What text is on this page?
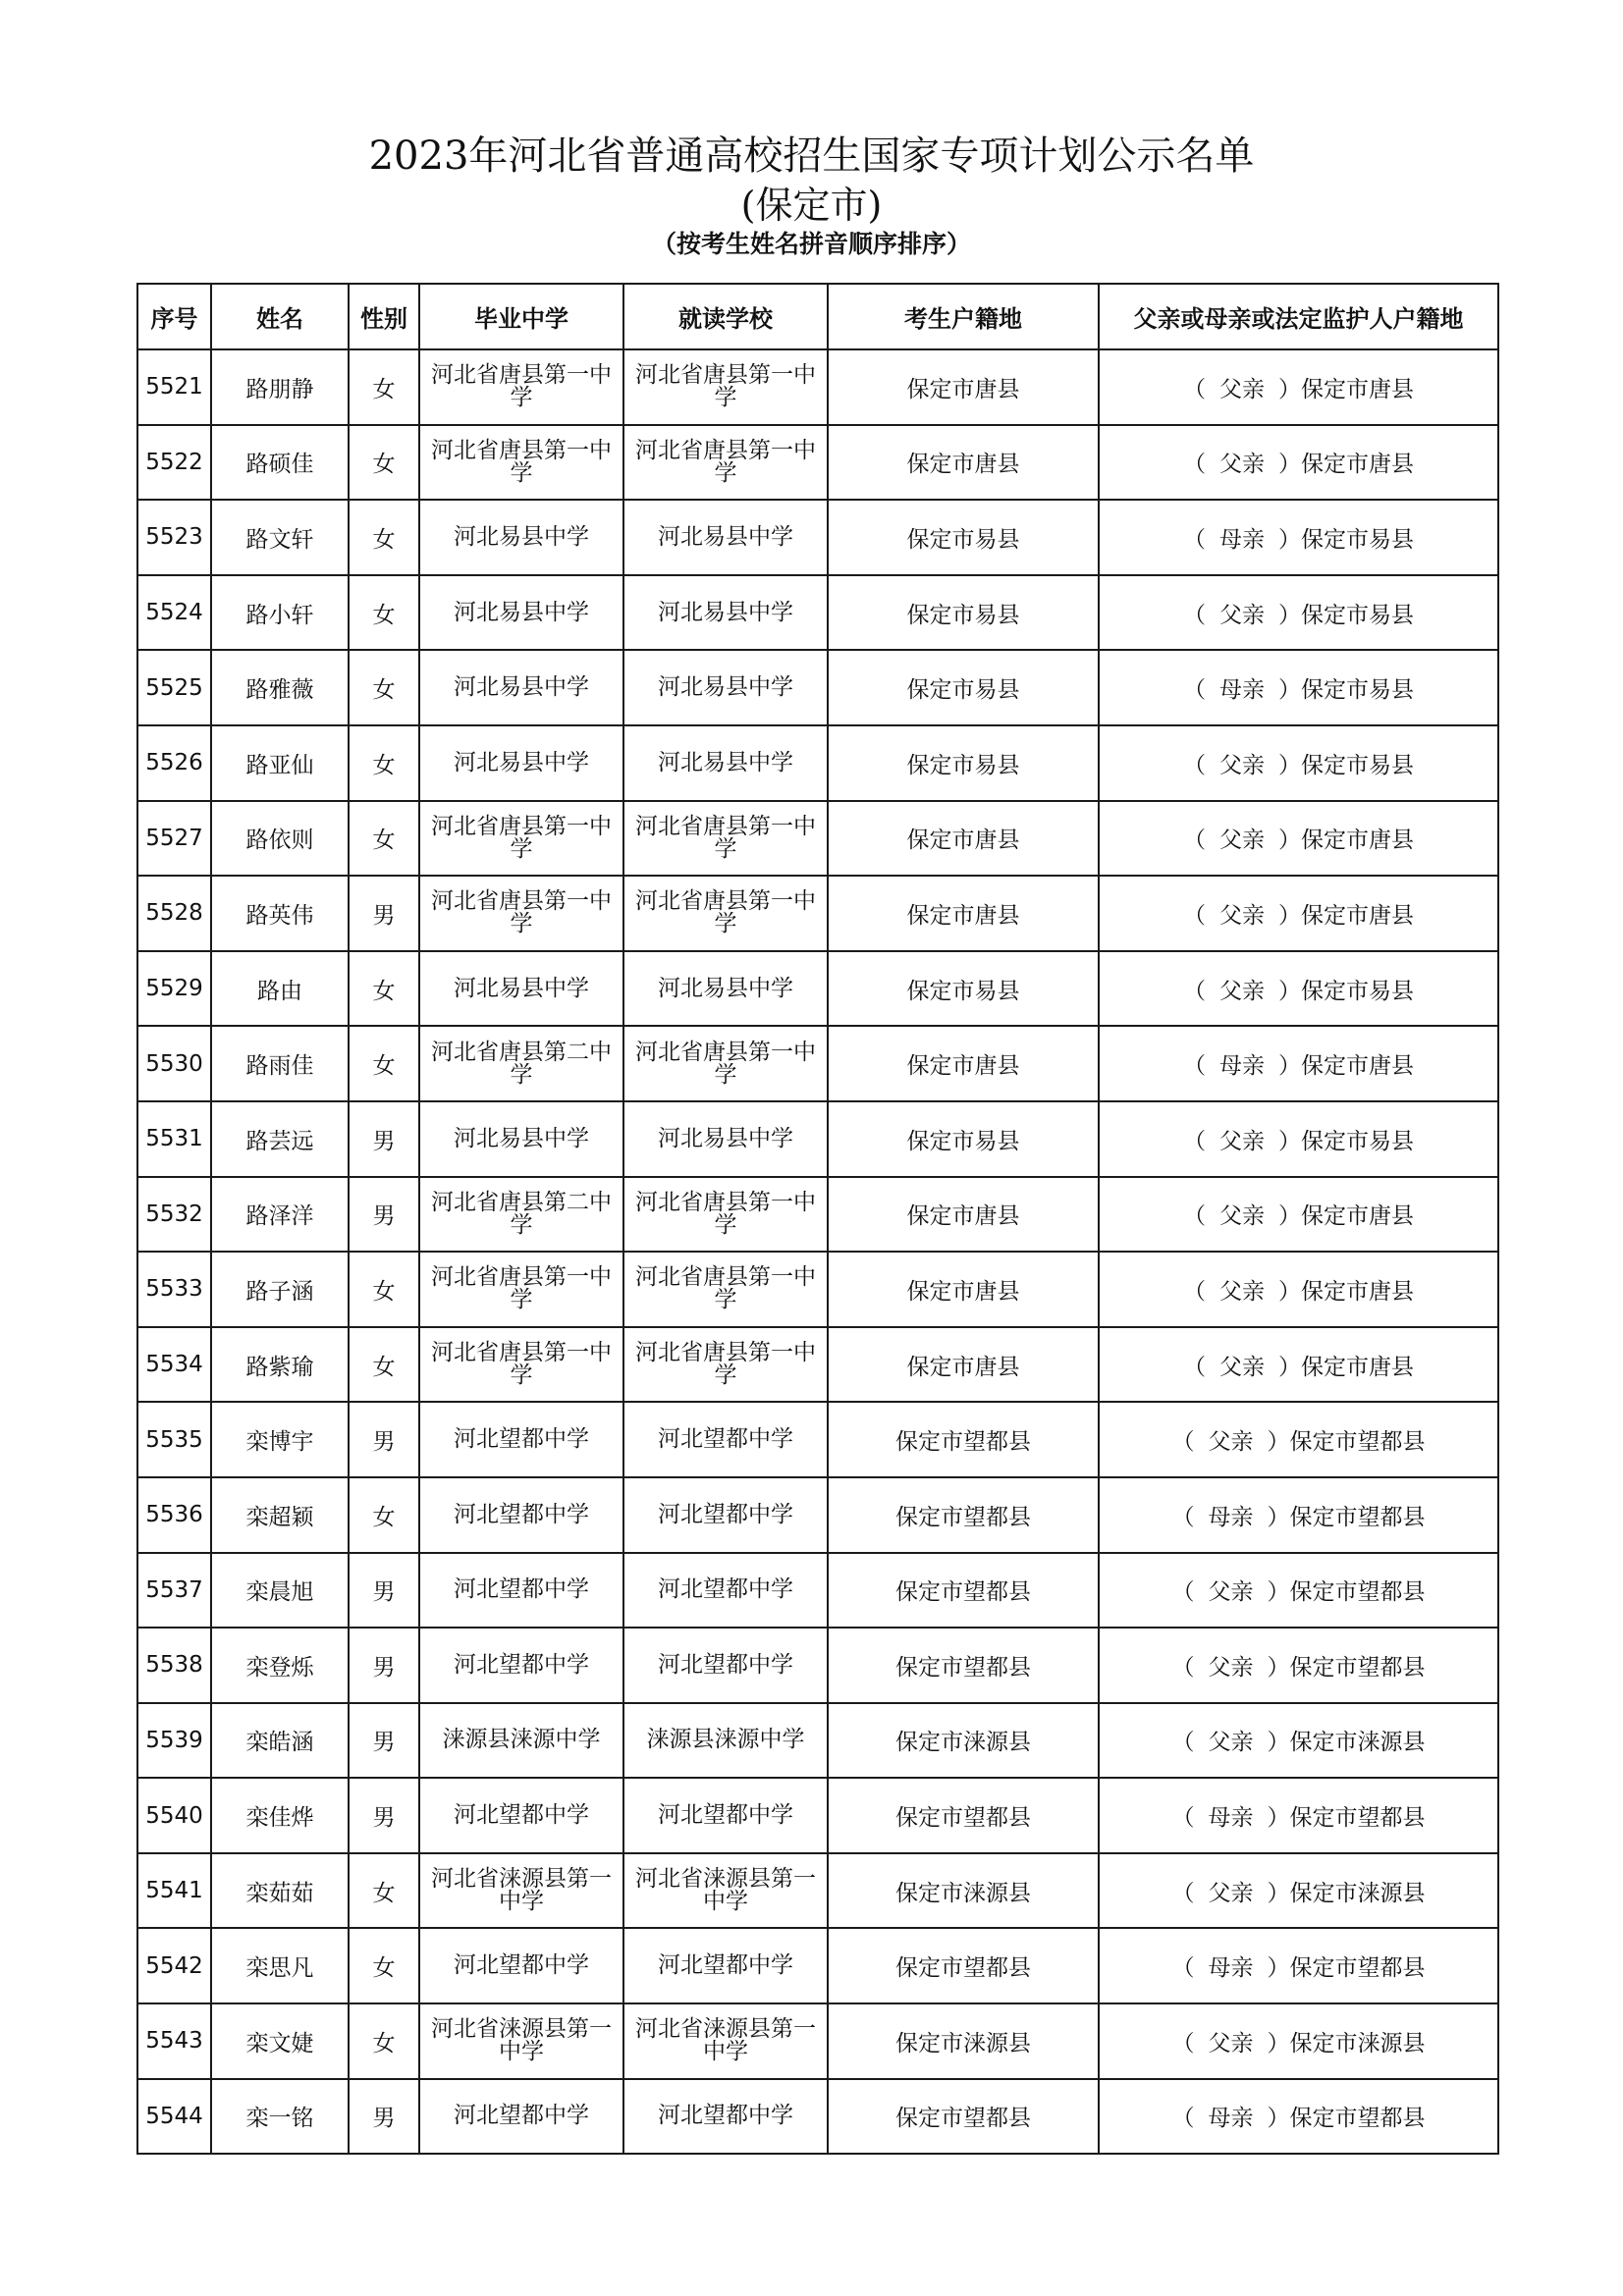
2023年河北省普通高校招生国家专项计划公示名单
(保定市)
（按考生姓名拼音顺序排序）
序号	姓名	性别	毕业中学	就读学校	考生户籍地	父亲或母亲或法定监护人户籍地
5521	路朋静	女	河北省唐县第一中学	河北省唐县第一中学	保定市唐县	（ 父亲 ）保定市唐县
5522	路硕佳	女	河北省唐县第一中学	河北省唐县第一中学	保定市唐县	（ 父亲 ）保定市唐县
5523	路文轩	女	河北易县中学	河北易县中学	保定市易县	（ 母亲 ）保定市易县
5524	路小轩	女	河北易县中学	河北易县中学	保定市易县	（ 父亲 ）保定市易县
5525	路雅薇	女	河北易县中学	河北易县中学	保定市易县	（ 母亲 ）保定市易县
5526	路亚仙	女	河北易县中学	河北易县中学	保定市易县	（ 父亲 ）保定市易县
5527	路依则	女	河北省唐县第一中学	河北省唐县第一中学	保定市唐县	（ 父亲 ）保定市唐县
5528	路英伟	男	河北省唐县第一中学	河北省唐县第一中学	保定市唐县	（ 父亲 ）保定市唐县
5529	路由	女	河北易县中学	河北易县中学	保定市易县	（ 父亲 ）保定市易县
5530	路雨佳	女	河北省唐县第二中学	河北省唐县第一中学	保定市唐县	（ 母亲 ）保定市唐县
5531	路芸远	男	河北易县中学	河北易县中学	保定市易县	（ 父亲 ）保定市易县
5532	路泽洋	男	河北省唐县第二中学	河北省唐县第一中学	保定市唐县	（ 父亲 ）保定市唐县
5533	路子涵	女	河北省唐县第一中学	河北省唐县第一中学	保定市唐县	（ 父亲 ）保定市唐县
5534	路紫瑜	女	河北省唐县第一中学	河北省唐县第一中学	保定市唐县	（ 父亲 ）保定市唐县
5535	栾博宇	男	河北望都中学	河北望都中学	保定市望都县	（ 父亲 ）保定市望都县
5536	栾超颖	女	河北望都中学	河北望都中学	保定市望都县	（ 母亲 ）保定市望都县
5537	栾晨旭	男	河北望都中学	河北望都中学	保定市望都县	（ 父亲 ）保定市望都县
5538	栾登烁	男	河北望都中学	河北望都中学	保定市望都县	（ 父亲 ）保定市望都县
5539	栾皓涵	男	涞源县涞源中学	涞源县涞源中学	保定市涞源县	（ 父亲 ）保定市涞源县
5540	栾佳烨	男	河北望都中学	河北望都中学	保定市望都县	（ 母亲 ）保定市望都县
5541	栾茹茹	女	河北省涞源县第一中学	河北省涞源县第一中学	保定市涞源县	（ 父亲 ）保定市涞源县
5542	栾思凡	女	河北望都中学	河北望都中学	保定市望都县	（ 母亲 ）保定市望都县
5543	栾文婕	女	河北省涞源县第一中学	河北省涞源县第一中学	保定市涞源县	（ 父亲 ）保定市涞源县
5544	栾一铭	男	河北望都中学	河北望都中学	保定市望都县	（ 母亲 ）保定市望都县
